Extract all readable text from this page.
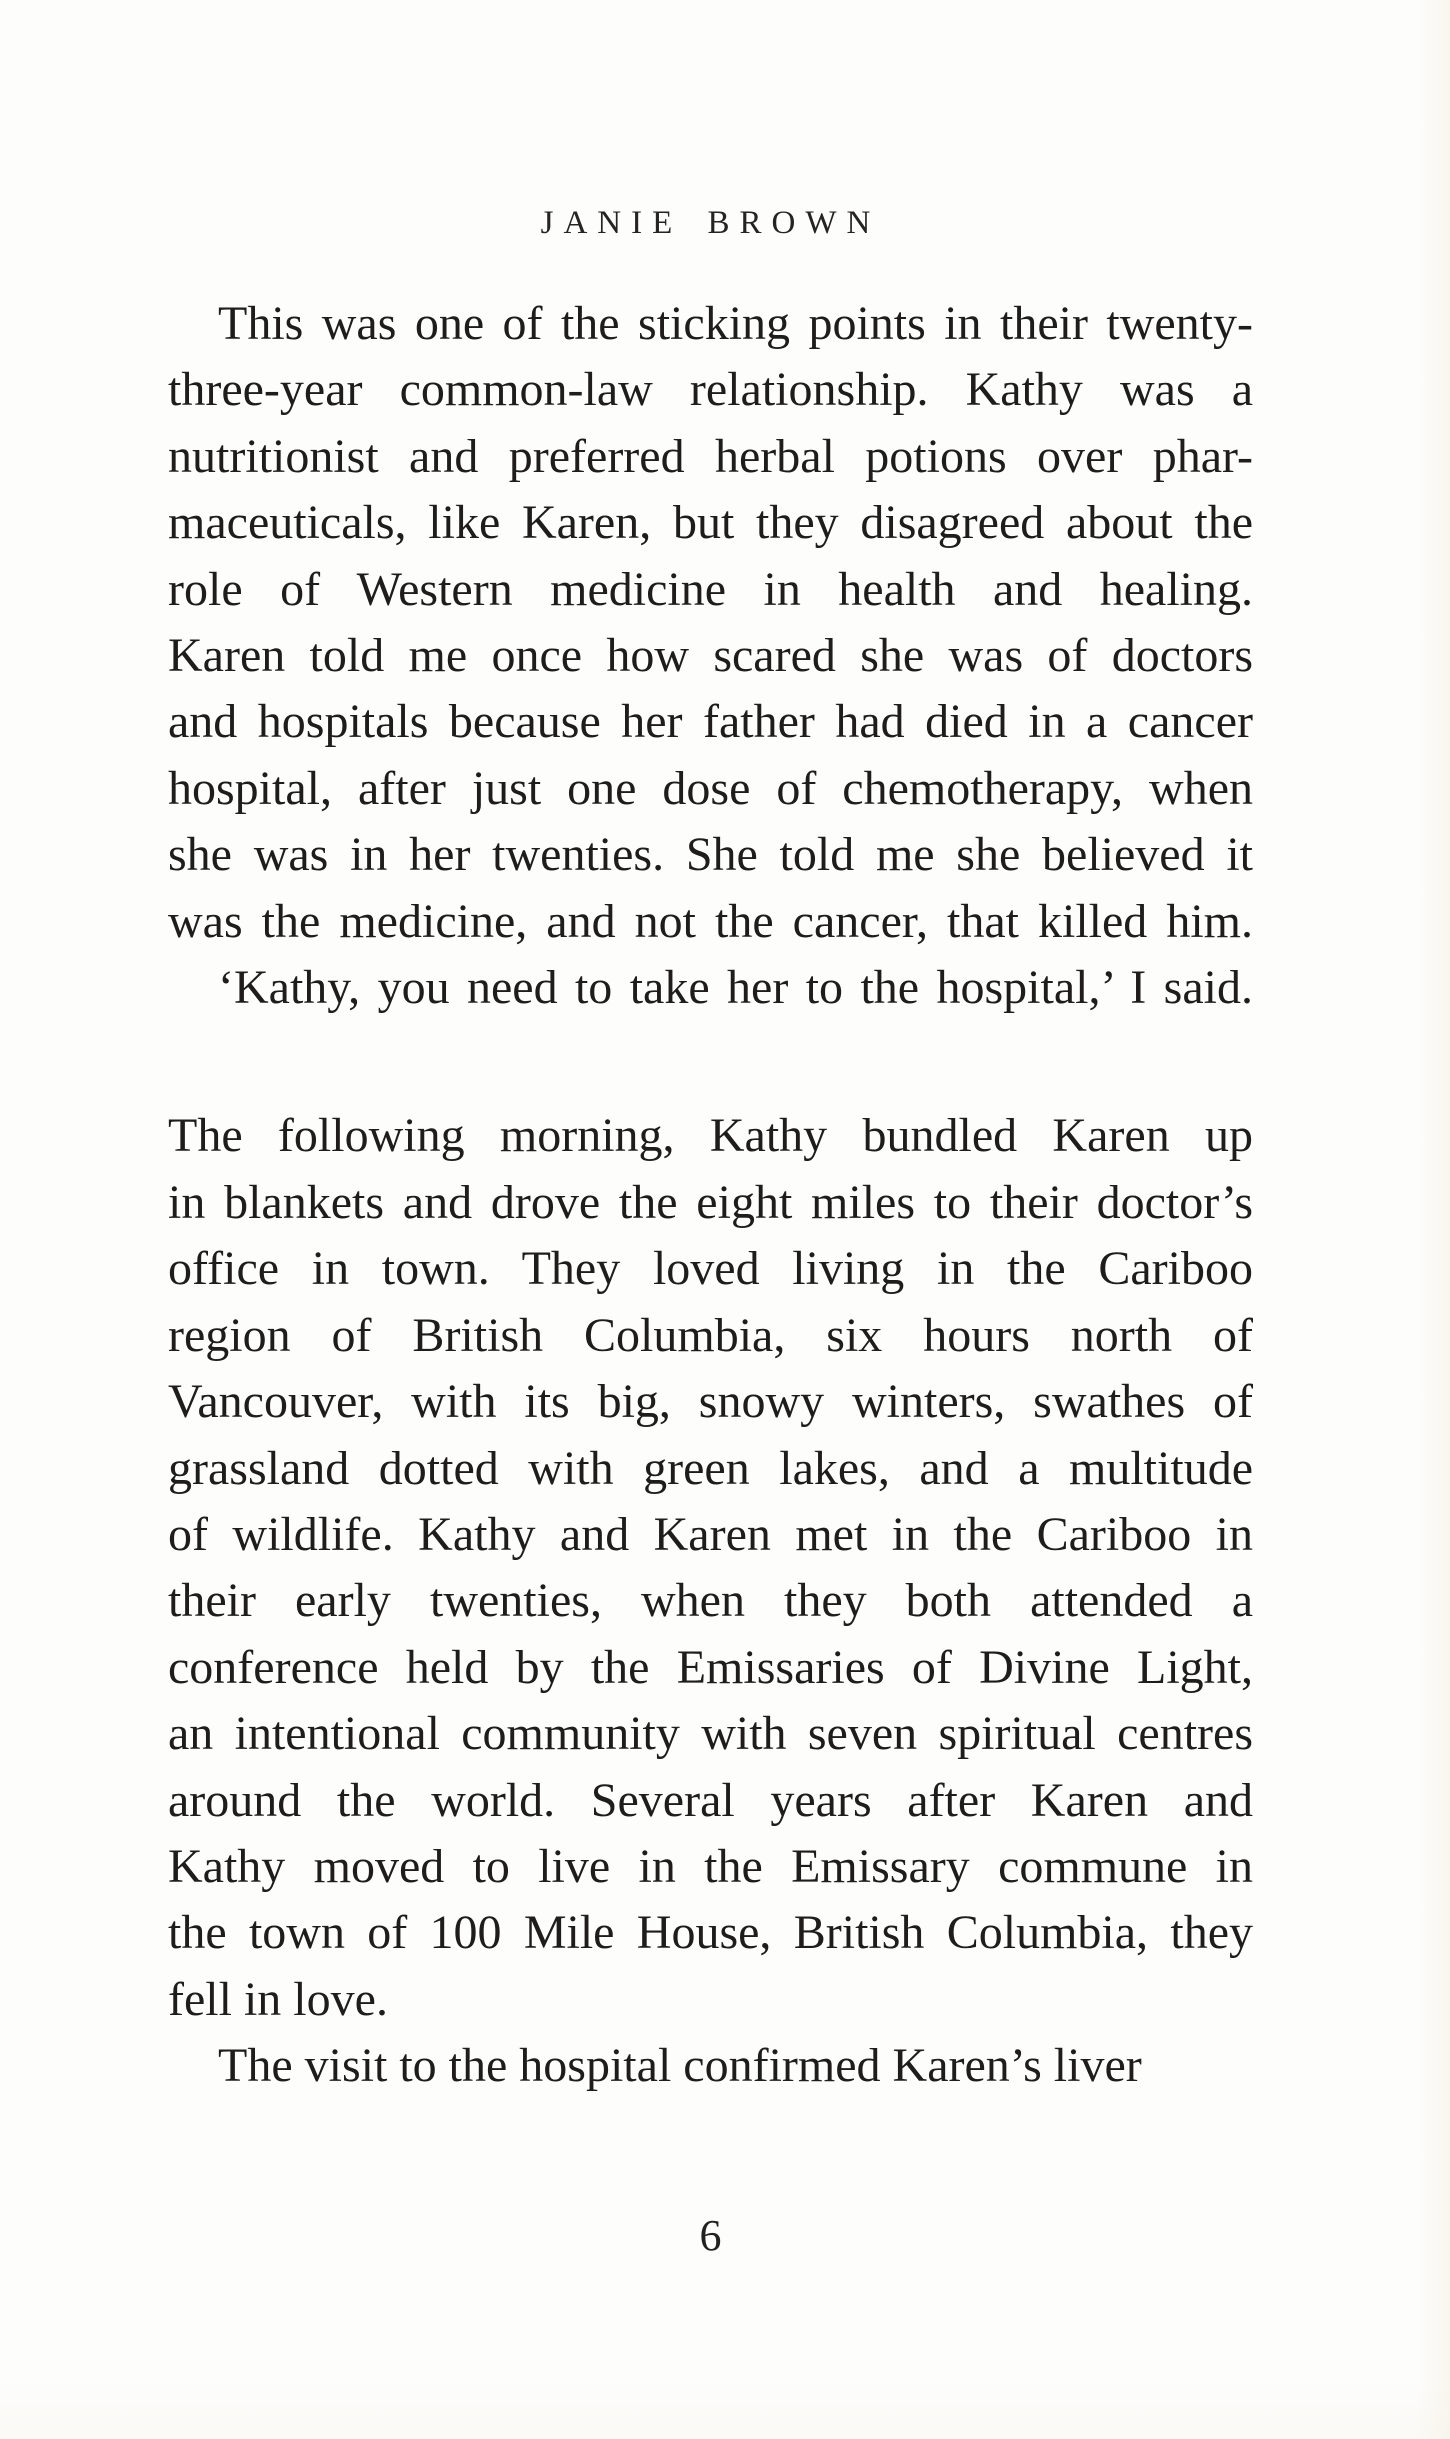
JANIE BROWN
This was one of the sticking points in their twenty-
three-year common-law relationship. Kathy was a
nutritionist and preferred herbal potions over phar-
maceuticals, like Karen, but they disagreed about the
role of Western medicine in health and healing.
Karen told me once how scared she was of doctors
and hospitals because her father had died in a cancer
hospital, after just one dose of chemotherapy, when
she was in her twenties. She told me she believed it
was the medicine, and not the cancer, that killed him.
‘Kathy, you need to take her to the hospital,’ I said.
The following morning, Kathy bundled Karen up
in blankets and drove the eight miles to their doctor’s
office in town. They loved living in the Cariboo
region of British Columbia, six hours north of
Vancouver, with its big, snowy winters, swathes of
grassland dotted with green lakes, and a multitude
of wildlife. Kathy and Karen met in the Cariboo in
their early twenties, when they both attended a
conference held by the Emissaries of Divine Light,
an intentional community with seven spiritual centres
around the world. Several years after Karen and
Kathy moved to live in the Emissary commune in
the town of 100 Mile House, British Columbia, they
fell in love.
The visit to the hospital confirmed Karen’s liver
6
